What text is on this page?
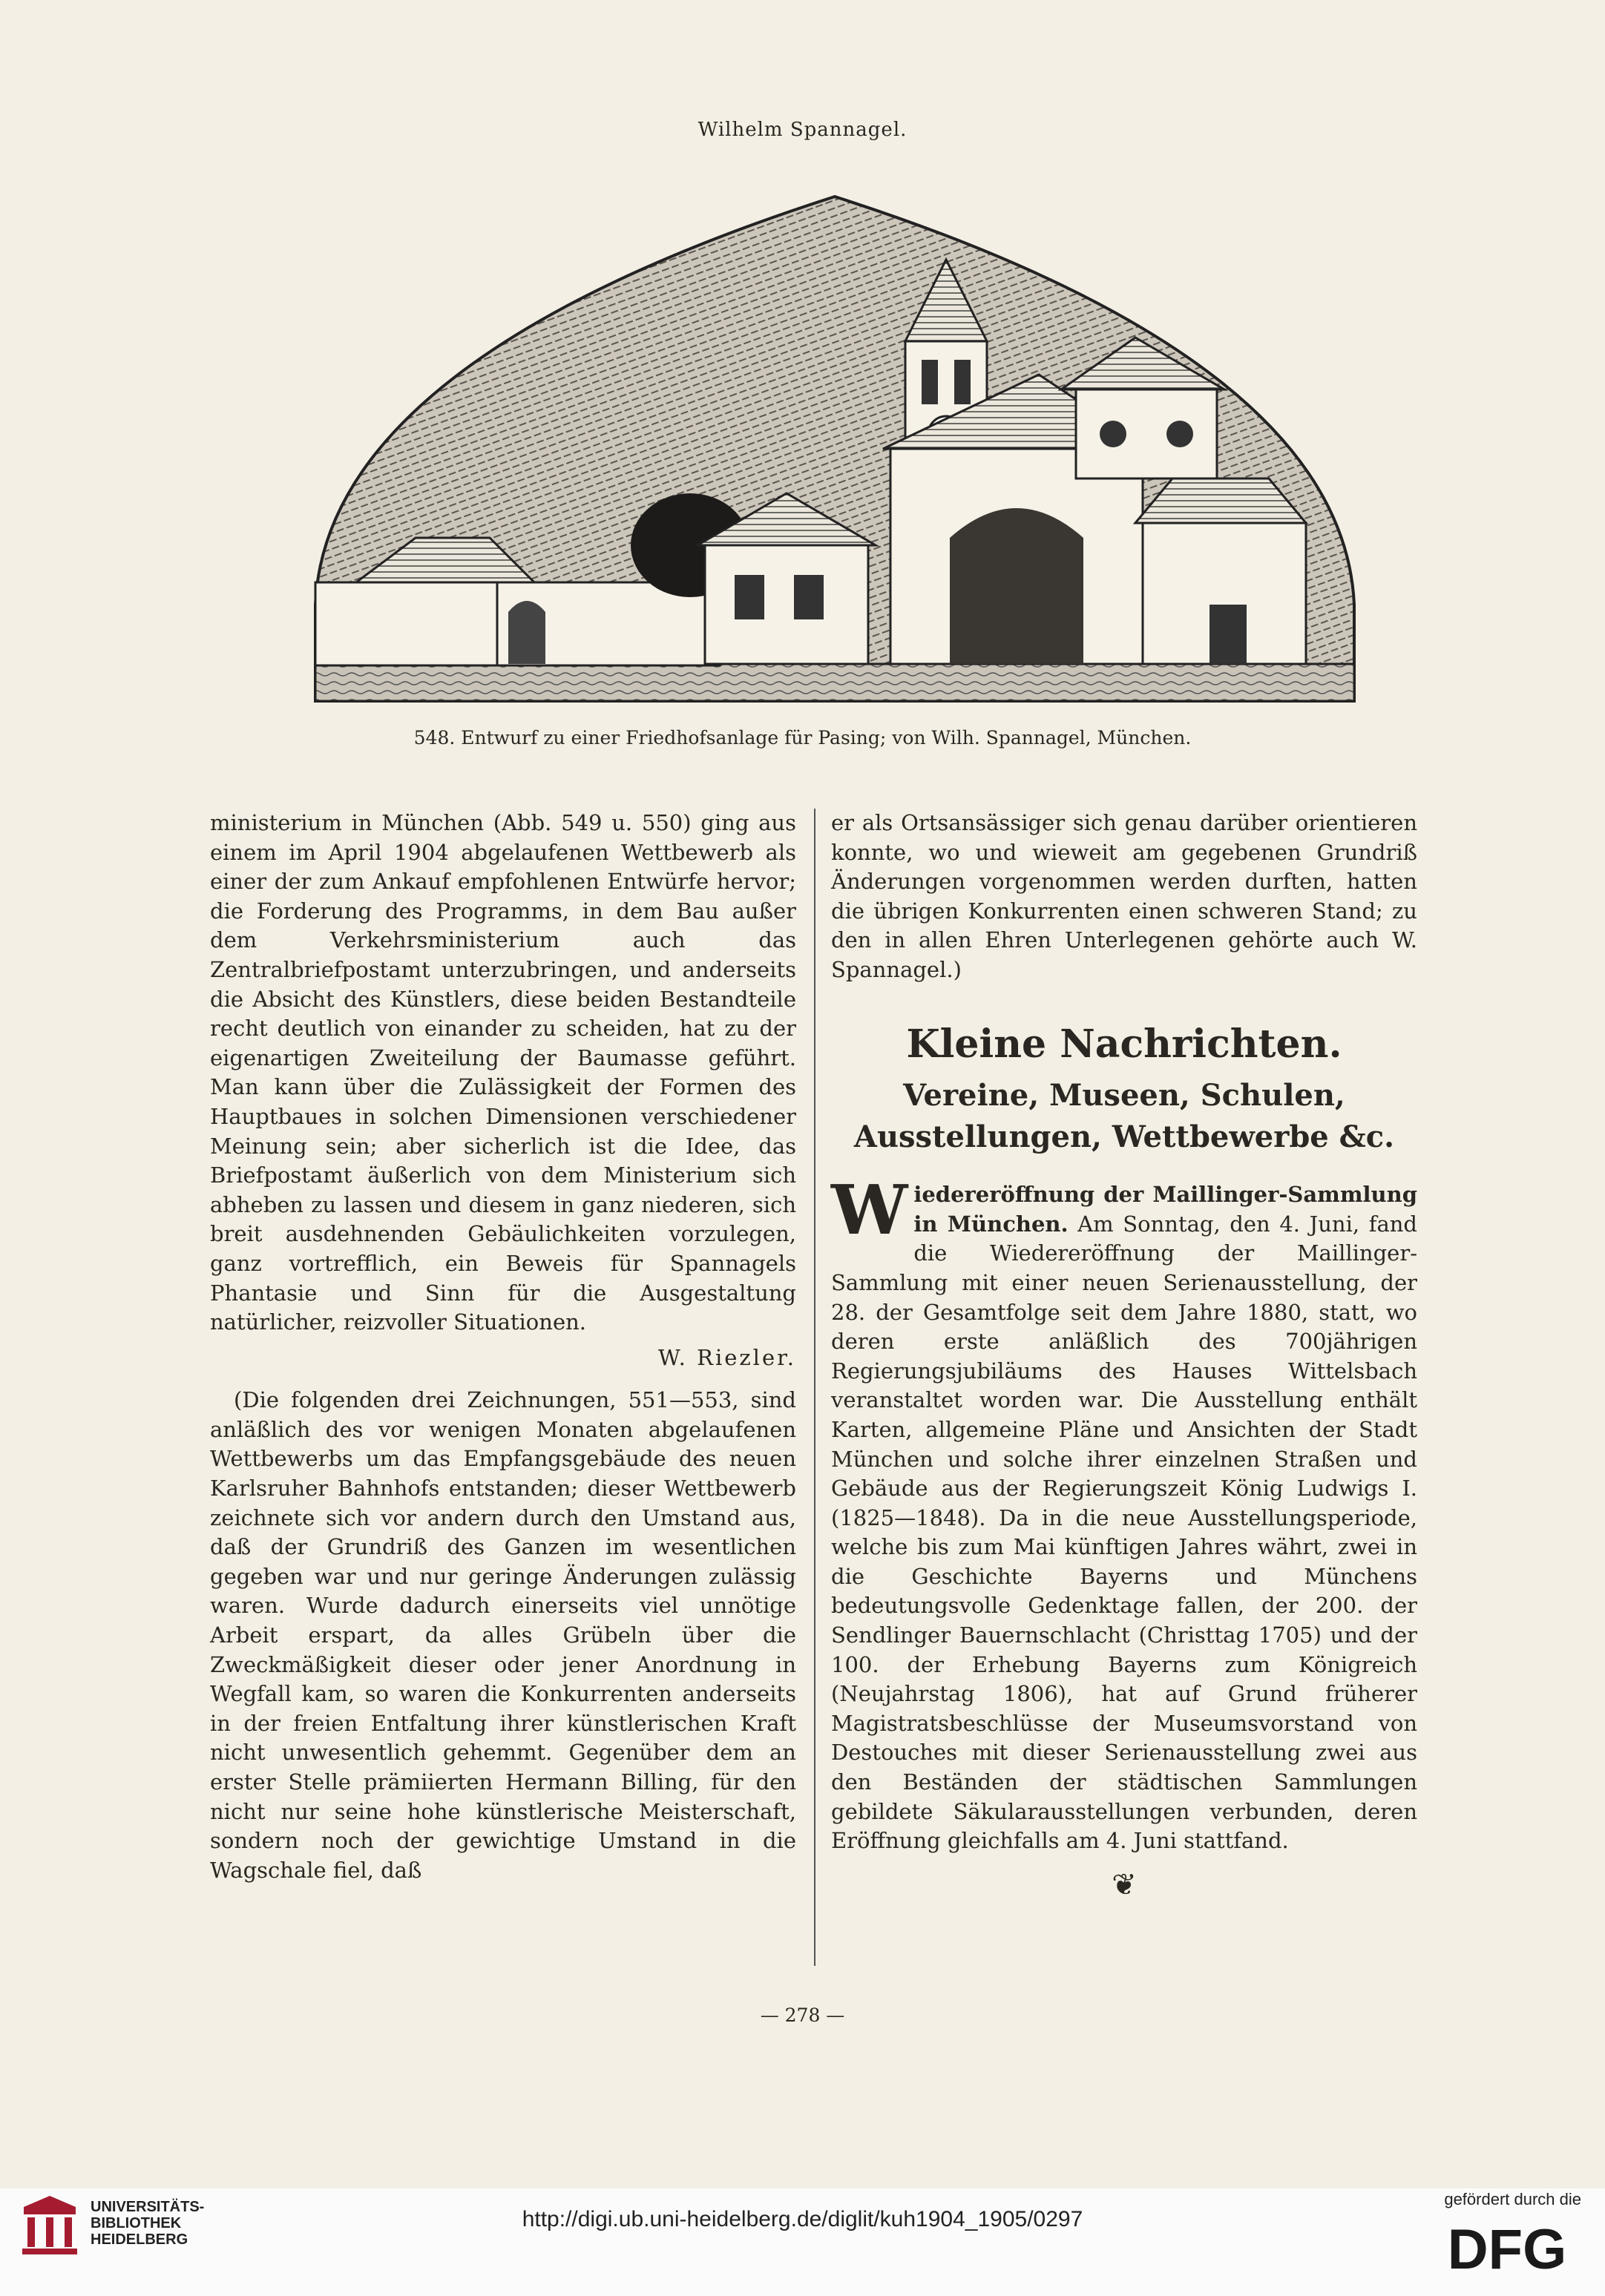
Wilhelm Spannagel.
548. Entwurf zu einer Friedhofsanlage für Pasing; von Wilh. Spannagel, München.

ministerium in München (Abb. 549 u. 550) ging aus einem im April 1904 abgelaufenen Wettbewerb als einer der zum Ankauf empfohlenen Entwürfe hervor; die Forderung des Programms, in dem Bau außer dem Verkehrsministerium auch das Zentralbriefpostamt unterzubringen, und anderseits die Absicht des Künstlers, diese beiden Bestandteile recht deutlich von einander zu scheiden, hat zu der eigenartigen Zweiteilung der Baumasse geführt. Man kann über die Zulässigkeit der Formen des Hauptbaues in solchen Dimensionen verschiedener Meinung sein; aber sicherlich ist die Idee, das Briefpostamt äußerlich von dem Ministerium sich abheben zu lassen und diesem in ganz niederen, sich breit ausdehnenden Gebäulichkeiten vorzulegen, ganz vortrefflich, ein Beweis für Spannagels Phantasie und Sinn für die Ausgestaltung natürlicher, reizvoller Situationen.

W. Riezler.

(Die folgenden drei Zeichnungen, 551—553, sind anläßlich des vor wenigen Monaten abgelaufenen Wettbewerbs um das Empfangsgebäude des neuen Karlsruher Bahnhofs entstanden; dieser Wettbewerb zeichnete sich vor andern durch den Umstand aus, daß der Grundriß des Ganzen im wesentlichen gegeben war und nur geringe Änderungen zulässig waren. Wurde dadurch einerseits viel unnötige Arbeit erspart, da alles Grübeln über die Zweckmäßigkeit dieser oder jener Anordnung in Wegfall kam, so waren die Konkurrenten anderseits in der freien Entfaltung ihrer künstlerischen Kraft nicht unwesentlich gehemmt. Gegenüber dem an erster Stelle prämiierten Hermann Billing, für den nicht nur seine hohe künstlerische Meisterschaft, sondern noch der gewichtige Umstand in die Wagschale fiel, daß

er als Ortsansässiger sich genau darüber orientieren konnte, wo und wieweit am gegebenen Grundriß Änderungen vorgenommen werden durften, hatten die übrigen Konkurrenten einen schweren Stand; zu den in allen Ehren Unterlegenen gehörte auch W. Spannagel.)

Kleine Nachrichten.

Vereine, Museen, Schulen, Ausstellungen, Wettbewerbe &c.

Wiedereröffnung der Maillinger-Sammlung in München. Am Sonntag, den 4. Juni, fand die Wiedereröffnung der Maillinger-Sammlung mit einer neuen Serienausstellung, der 28. der Gesamtfolge seit dem Jahre 1880, statt, wo deren erste anläßlich des 700jährigen Regierungsjubiläums des Hauses Wittelsbach veranstaltet worden war. Die Ausstellung enthält Karten, allgemeine Pläne und Ansichten der Stadt München und solche ihrer einzelnen Straßen und Gebäude aus der Regierungszeit König Ludwigs I. (1825—1848). Da in die neue Ausstellungsperiode, welche bis zum Mai künftigen Jahres währt, zwei in die Geschichte Bayerns und Münchens bedeutungsvolle Gedenktage fallen, der 200. der Sendlinger Bauernschlacht (Christtag 1705) und der 100. der Erhebung Bayerns zum Königreich (Neujahrstag 1806), hat auf Grund früherer Magistratsbeschlüsse der Museumsvorstand von Destouches mit dieser Serienausstellung zwei aus den Beständen der städtischen Sammlungen gebildete Säkularausstellungen verbunden, deren Eröffnung gleichfalls am 4. Juni stattfand.

❦
— 278 —
UNIVERSITÄTS-
BIBLIOTHEK
HEIDELBERG
http://digi.ub.uni-heidelberg.de/diglit/kuh1904_1905/0297
gefördert durch die
DFG
